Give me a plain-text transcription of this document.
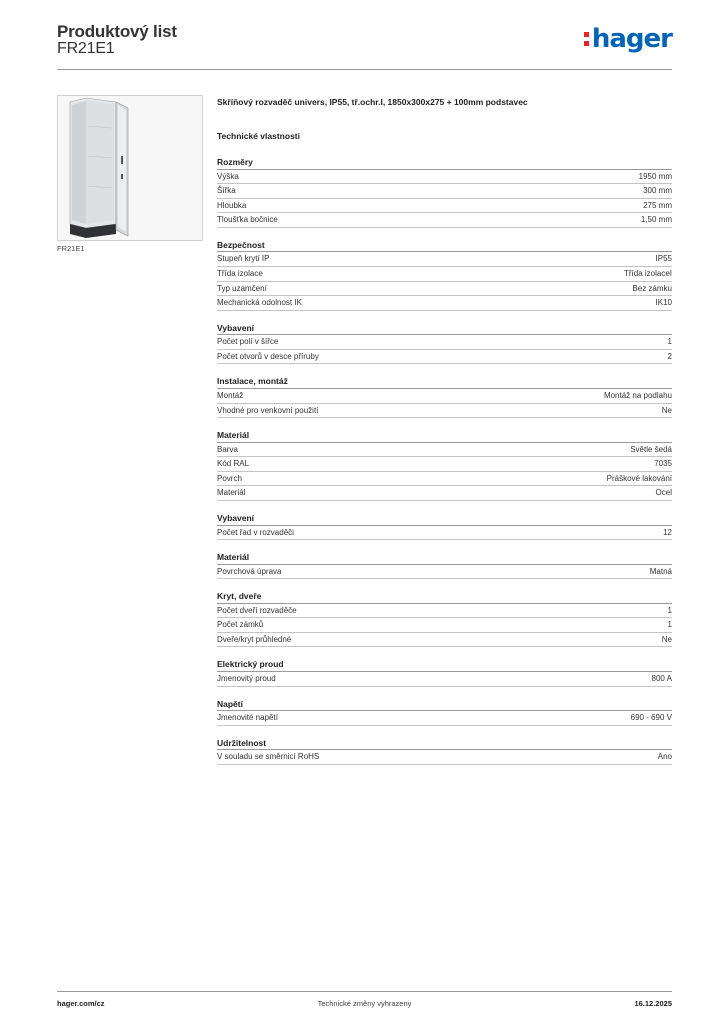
Produktový list
FR21E1	hager
FR21E1
Skříňový rozvaděč univers, IP55, tř.ochr.I, 1850x300x275 + 100mm podstavec
Technické vlastnosti
Rozměry
Výška	1950 mm
Šířka	300 mm
Hloubka	275 mm
Tloušťka bočnice	1,50 mm
Bezpečnost
Stupeň krytí IP	IP55
Třída izolace	Třída izolaceI
Typ uzamčení	Bez zámku
Mechanická odolnost IK	IK10
Vybavení
Počet polí v šířce	1
Počet otvorů v desce příruby	2
Instalace, montáž
Montáž	Montáž na podlahu
Vhodné pro venkovní použití	Ne
Materiál
Barva	Světle šedá
Kód RAL	7035
Povrch	Práškové lakování
Materiál	Ocel
Vybavení
Počet řad v rozvaděči	12
Materiál
Povrchová úprava	Matná
Kryt, dveře
Počet dveří rozvaděče	1
Počet zámků	1
Dveře/kryt průhledné	Ne
Elektrický proud
Jmenovitý proud	800 A
Napětí
Jmenovité napětí	690 - 690 V
Udržitelnost
V souladu se směrnicí RoHS	Ano
hager.com/cz	Technické změny vyhrazeny	16.12.2025
